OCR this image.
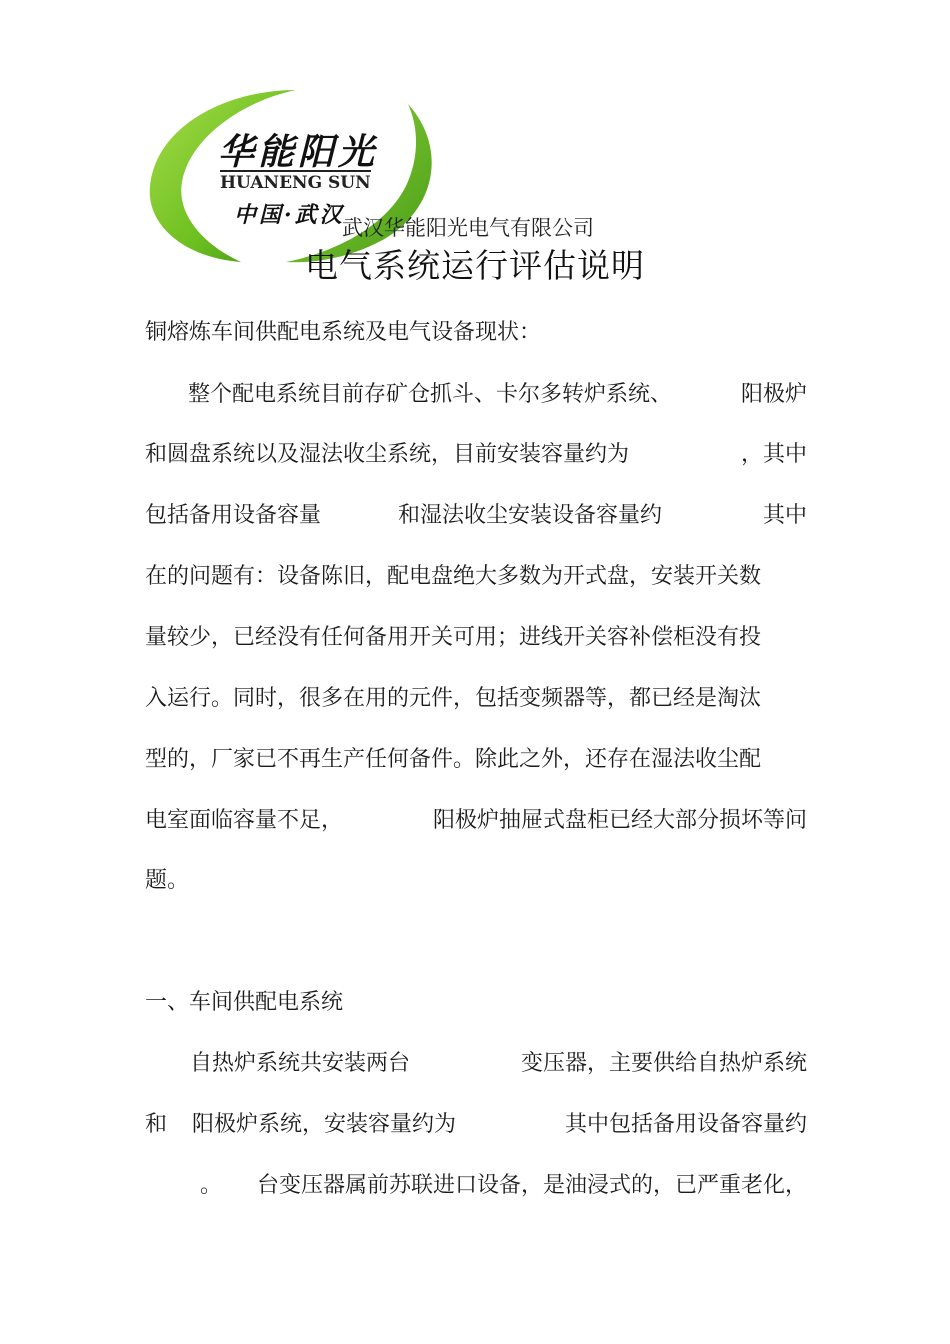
华能阳光
HUANENG SUN
中国·武汉
武汉华能阳光电气有限公司
电气系统运行评估说明
铜熔炼车间供配电系统及电气设备现状：
整个配电系统目前存矿仓抓斗、卡尔多转炉系统、	阳极炉
和圆盘系统以及湿法收尘系统，目前安装容量约为	，其中
包括备用设备容量	和湿法收尘安装设备容量约	其中
在的问题有：设备陈旧，配电盘绝大多数为开式盘，安装开关数
量较少，已经没有任何备用开关可用；进线开关容补偿柜没有投
入运行。同时，很多在用的元件，包括变频器等，都已经是淘汰
型的，厂家已不再生产任何备件。除此之外，还存在湿法收尘配
电室面临容量不足，	阳极炉抽屉式盘柜已经大部分损坏等问
题。
一、车间供配电系统
自热炉系统共安装两台	变压器，主要供给自热炉系统
和 阳极炉系统，安装容量约为	其中包括备用设备容量约
。 台变压器属前苏联进口设备，是油浸式的，已严重老化，
